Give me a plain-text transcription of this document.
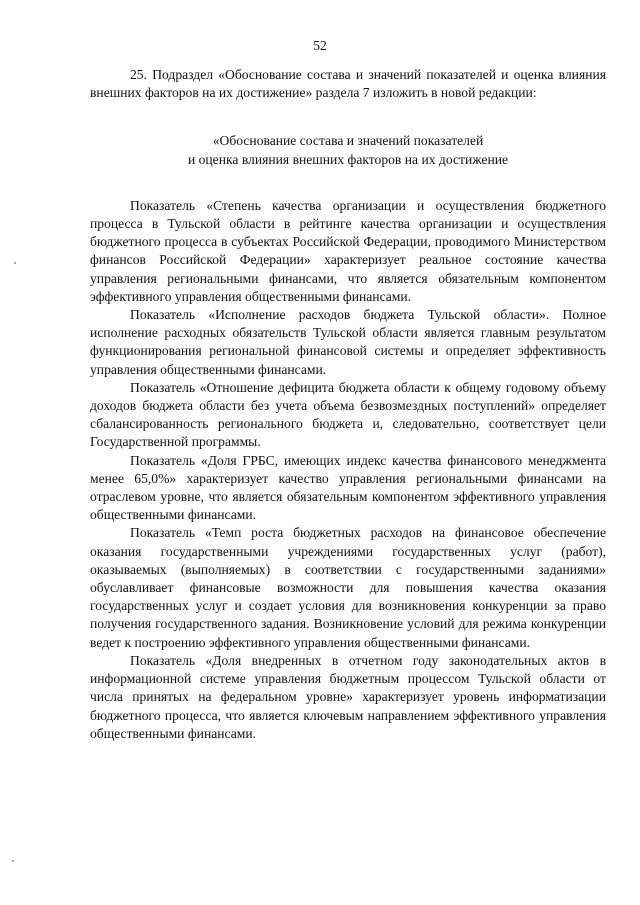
52

25. Подраздел «Обоснование состава и значений показателей и оценка влияния внешних факторов на их достижение» раздела 7 изложить в новой редакции:

«Обоснование состава и значений показателей
и оценка влияния внешних факторов на их достижение

Показатель «Степень качества организации и осуществления бюджетного процесса в Тульской области в рейтинге качества организации и осуществления бюджетного процесса в субъектах Российской Федерации, проводимого Министерством финансов Российской Федерации» характеризует реальное состояние качества управления региональными финансами, что является обязательным компонентом эффективного управления общественными финансами.

Показатель «Исполнение расходов бюджета Тульской области». Полное исполнение расходных обязательств Тульской области является главным результатом функционирования региональной финансовой системы и определяет эффективность управления общественными финансами.

Показатель «Отношение дефицита бюджета области к общему годовому объему доходов бюджета области без учета объема безвозмездных поступлений» определяет сбалансированность регионального бюджета и, следовательно, соответствует цели Государственной программы.

Показатель «Доля ГРБС, имеющих индекс качества финансового менеджмента менее 65,0%» характеризует качество управления региональными финансами на отраслевом уровне, что является обязательным компонентом эффективного управления общественными финансами.

Показатель «Темп роста бюджетных расходов на финансовое обеспечение оказания государственными учреждениями государственных услуг (работ), оказываемых (выполняемых) в соответствии с государственными заданиями» обуславливает финансовые возможности для повышения качества оказания государственных услуг и создает условия для возникновения конкуренции за право получения государственного задания. Возникновение условий для режима конкуренции ведет к построению эффективного управления общественными финансами.

Показатель «Доля внедренных в отчетном году законодательных актов в информационной системе управления бюджетным процессом Тульской области от числа принятых на федеральном уровне» характеризует уровень информатизации бюджетного процесса, что является ключевым направлением эффективного управления общественными финансами.
